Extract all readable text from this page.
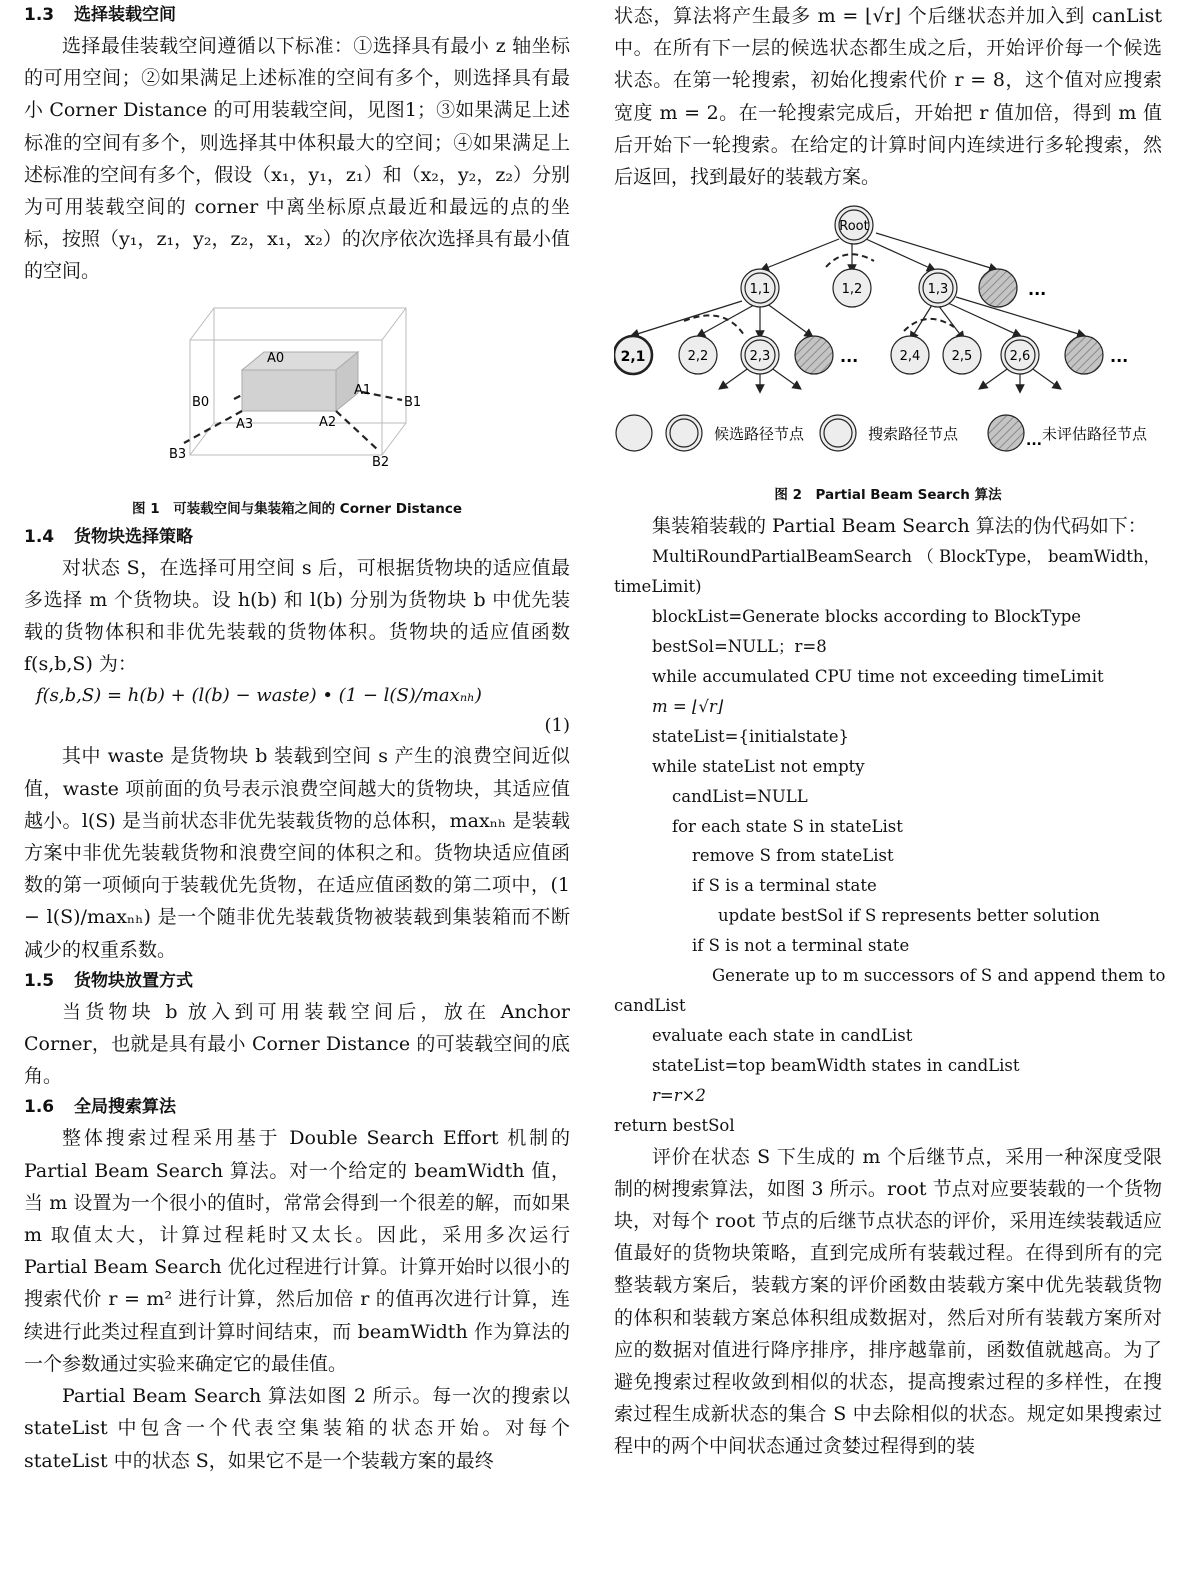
1.3 选择装载空间

选择最佳装载空间遵循以下标准：①选择具有最小 z 轴坐标的可用空间；②如果满足上述标准的空间有多个，则选择具有最小 Corner Distance 的可用装载空间，见图1；③如果满足上述标准的空间有多个，则选择其中体积最大的空间；④如果满足上述标准的空间有多个，假设（x₁，y₁，z₁）和（x₂，y₂，z₂）分别为可用装载空间的 corner 中离坐标原点最近和最远的点的坐标，按照（y₁，z₁，y₂，z₂，x₁，x₂）的次序依次选择具有最小值的空间。

A0
A1
A2
A3
B0	B1
B2
B3
图 1　可装载空间与集装箱之间的 Corner Distance
1.4 货物块选择策略

对状态 S，在选择可用空间 s 后，可根据货物块的适应值最多选择 m 个货物块。设 h(b) 和 l(b) 分别为货物块 b 中优先装载的货物体积和非优先装载的货物体积。货物块的适应值函数 f(s,b,S) 为：

f(s,b,S) = h(b) + (l(b) − waste) • (1 − l(S)/maxₙₕ)
(1)

其中 waste 是货物块 b 装载到空间 s 产生的浪费空间近似值，waste 项前面的负号表示浪费空间越大的货物块，其适应值越小。l(S) 是当前状态非优先装载货物的总体积，maxₙₕ 是装载方案中非优先装载货物和浪费空间的体积之和。货物块适应值函数的第一项倾向于装载优先货物，在适应值函数的第二项中，(1 − l(S)/maxₙₕ) 是一个随非优先装载货物被装载到集装箱而不断减少的权重系数。

1.5 货物块放置方式

当货物块 b 放入到可用装载空间后，放在 Anchor Corner，也就是具有最小 Corner Distance 的可装载空间的底角。

1.6 全局搜索算法

整体搜索过程采用基于 Double Search Effort 机制的 Partial Beam Search 算法。对一个给定的 beamWidth 值，当 m 设置为一个很小的值时，常常会得到一个很差的解，而如果 m 取值太大，计算过程耗时又太长。因此，采用多次运行 Partial Beam Search 优化过程进行计算。计算开始时以很小的搜索代价 r = m² 进行计算，然后加倍 r 的值再次进行计算，连续进行此类过程直到计算时间结束，而 beamWidth 作为算法的一个参数通过实验来确定它的最佳值。

Partial Beam Search 算法如图 2 所示。每一次的搜索以 stateList 中包含一个代表空集装箱的状态开始。对每个 stateList 中的状态 S，如果它不是一个装载方案的最终

状态，算法将产生最多 m = ⌊√r⌋ 个后继状态并加入到 canList 中。在所有下一层的候选状态都生成之后，开始评价每一个候选状态。在第一轮搜索，初始化搜索代价 r = 8，这个值对应搜索宽度 m = 2。在一轮搜索完成后，开始把 r 值加倍，得到 m 值后开始下一轮搜索。在给定的计算时间内连续进行多轮搜索，然后返回，找到最好的装载方案。

Root
1,1	1,2	1,3	...
2,1	2,2	2,3	...	2,4 2,5	2,6	...
候选路径节点	搜索路径节点	... 未评估路径节点
图 2　Partial Beam Search 算法

集装箱装载的 Partial Beam Search 算法的伪代码如下：

MultiRoundPartialBeamSearch （ BlockType， beamWidth，
timeLimit)
blockList=Generate blocks according to BlockType
bestSol=NULL；r=8
while accumulated CPU time not exceeding timeLimit
m = ⌊√r⌋
stateList={initialstate}
while stateList not empty
candList=NULL
for each state S in stateList
remove S from stateList
if S is a terminal state
update bestSol if S represents better solution
if S is not a terminal state
Generate up to m successors of S and append them to
candList
evaluate each state in candList
stateList=top beamWidth states in candList
r=r×2
return bestSol

评价在状态 S 下生成的 m 个后继节点，采用一种深度受限制的树搜索算法，如图 3 所示。root 节点对应要装载的一个货物块，对每个 root 节点的后继节点状态的评价，采用连续装载适应值最好的货物块策略，直到完成所有装载过程。在得到所有的完整装载方案后，装载方案的评价函数由装载方案中优先装载货物的体积和装载方案总体积组成数据对，然后对所有装载方案所对应的数据对值进行降序排序，排序越靠前，函数值就越高。为了避免搜索过程收敛到相似的状态，提高搜索过程的多样性，在搜索过程生成新状态的集合 S 中去除相似的状态。规定如果搜索过程中的两个中间状态通过贪婪过程得到的装
